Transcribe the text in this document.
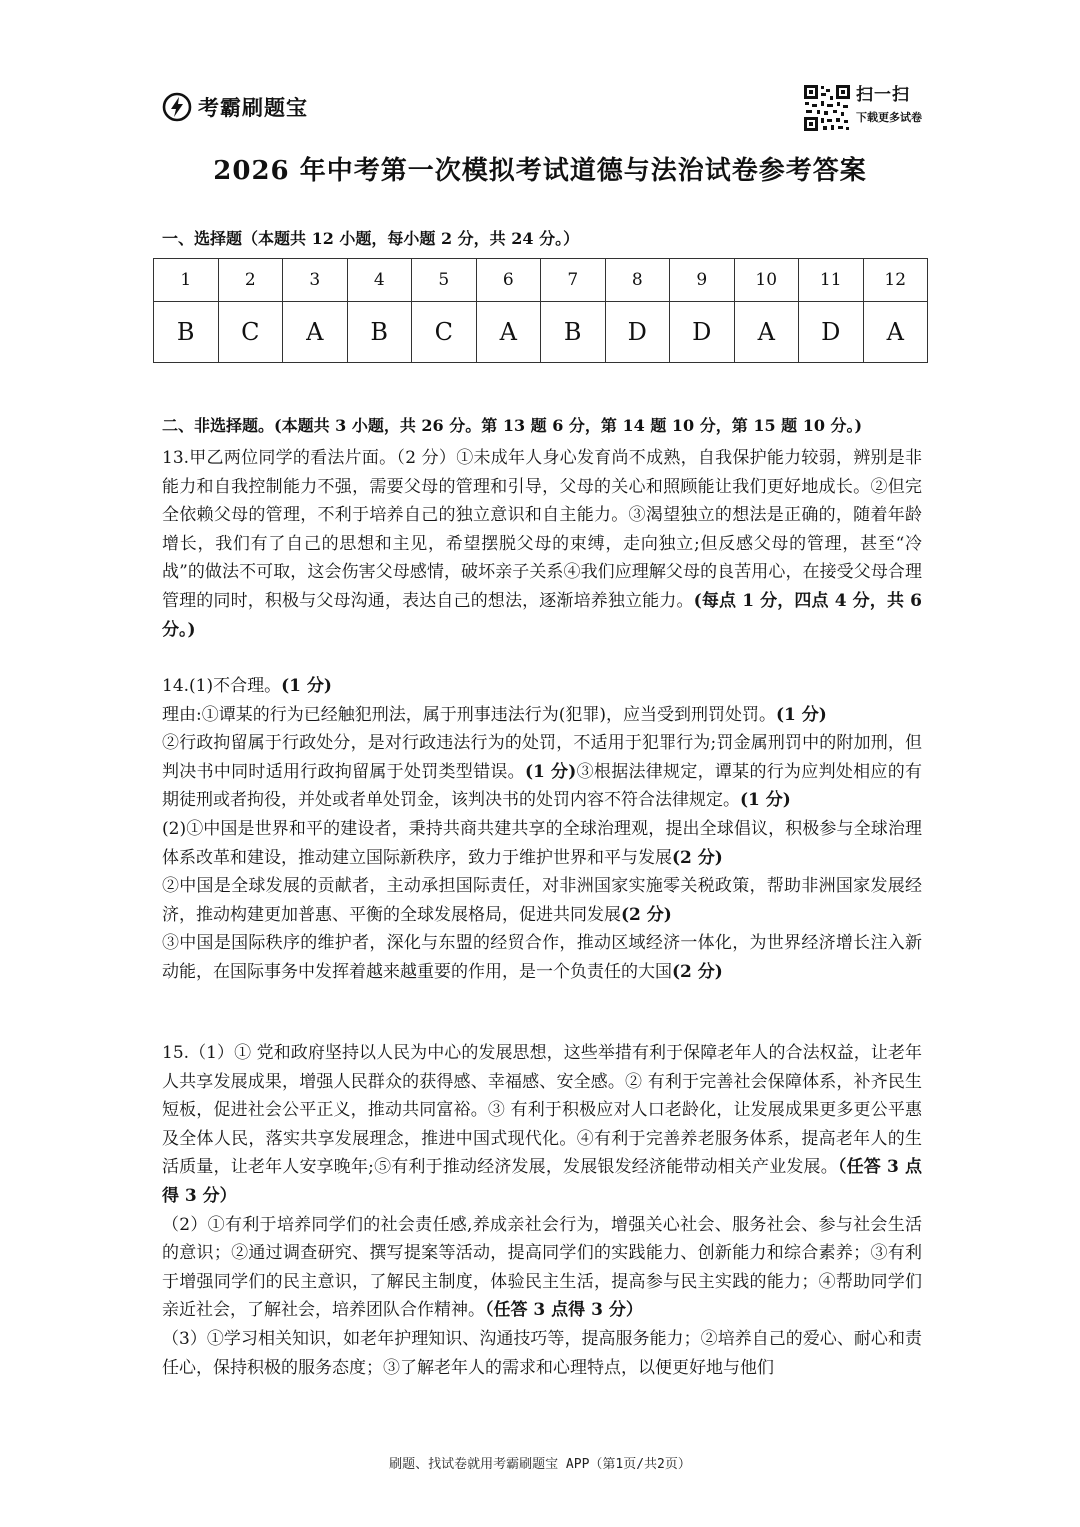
考霸刷题宝
扫一扫
下载更多试卷
2026 年中考第一次模拟考试道德与法治试卷参考答案
一、选择题（本题共 12 小题，每小题 2 分，共 24 分。）
1	2	3	4	5	6	7	8	9	10	11	12
B	C	A	B	C	A	B	D	D	A	D	A
二、非选择题。(本题共 3 小题，共 26 分。第 13 题 6 分，第 14 题 10 分，第 15 题 10 分。)

13.甲乙两位同学的看法片面。（2 分）①未成年人身心发育尚不成熟，自我保护能力较弱，辨别是非能力和自我控制能力不强，需要父母的管理和引导，父母的关心和照顾能让我们更好地成长。②但完全依赖父母的管理，不利于培养自己的独立意识和自主能力。③渴望独立的想法是正确的，随着年龄增长，我们有了自己的思想和主见，希望摆脱父母的束缚，走向独立;但反感父母的管理，甚至“冷战”的做法不可取，这会伤害父母感情，破坏亲子关系④我们应理解父母的良苦用心，在接受父母合理管理的同时，积极与父母沟通，表达自己的想法，逐渐培养独立能力。(每点 1 分，四点 4 分，共 6 分。)

14.(1)不合理。(1 分)

理由:①谭某的行为已经触犯刑法，属于刑事违法行为(犯罪)，应当受到刑罚处罚。(1 分)

②行政拘留属于行政处分，是对行政违法行为的处罚，不适用于犯罪行为;罚金属刑罚中的附加刑，但判决书中同时适用行政拘留属于处罚类型错误。(1 分)③根据法律规定，谭某的行为应判处相应的有期徒刑或者拘役，并处或者单处罚金，该判决书的处罚内容不符合法律规定。(1 分)

(2)①中国是世界和平的建设者，秉持共商共建共享的全球治理观，提出全球倡议，积极参与全球治理体系改革和建设，推动建立国际新秩序，致力于维护世界和平与发展(2 分)

②中国是全球发展的贡献者，主动承担国际责任，对非洲国家实施零关税政策，帮助非洲国家发展经济，推动构建更加普惠、平衡的全球发展格局，促进共同发展(2 分)

③中国是国际秩序的维护者，深化与东盟的经贸合作，推动区域经济一体化，为世界经济增长注入新动能，在国际事务中发挥着越来越重要的作用，是一个负责任的大国(2 分)

15.（1）① 党和政府坚持以人民为中心的发展思想，这些举措有利于保障老年人的合法权益，让老年人共享发展成果，增强人民群众的获得感、幸福感、安全感。② 有利于完善社会保障体系，补齐民生短板，促进社会公平正义，推动共同富裕。③ 有利于积极应对人口老龄化，让发展成果更多更公平惠及全体人民，落实共享发展理念，推进中国式现代化。④有利于完善养老服务体系，提高老年人的生活质量，让老年人安享晚年;⑤有利于推动经济发展，发展银发经济能带动相关产业发展。（任答 3 点得 3 分）

（2）①有利于培养同学们的社会责任感,养成亲社会行为，增强关心社会、服务社会、参与社会生活的意识；②通过调查研究、撰写提案等活动，提高同学们的实践能力、创新能力和综合素养；③有利于增强同学们的民主意识，了解民主制度，体验民主生活，提高参与民主实践的能力；④帮助同学们亲近社会，了解社会，培养团队合作精神。（任答 3 点得 3 分）

（3）①学习相关知识，如老年护理知识、沟通技巧等，提高服务能力；②培养自己的爱心、耐心和责任心，保持积极的服务态度；③了解老年人的需求和心理特点，以便更好地与他们

刷题、找试卷就用考霸刷题宝 APP（第1页/共2页）
